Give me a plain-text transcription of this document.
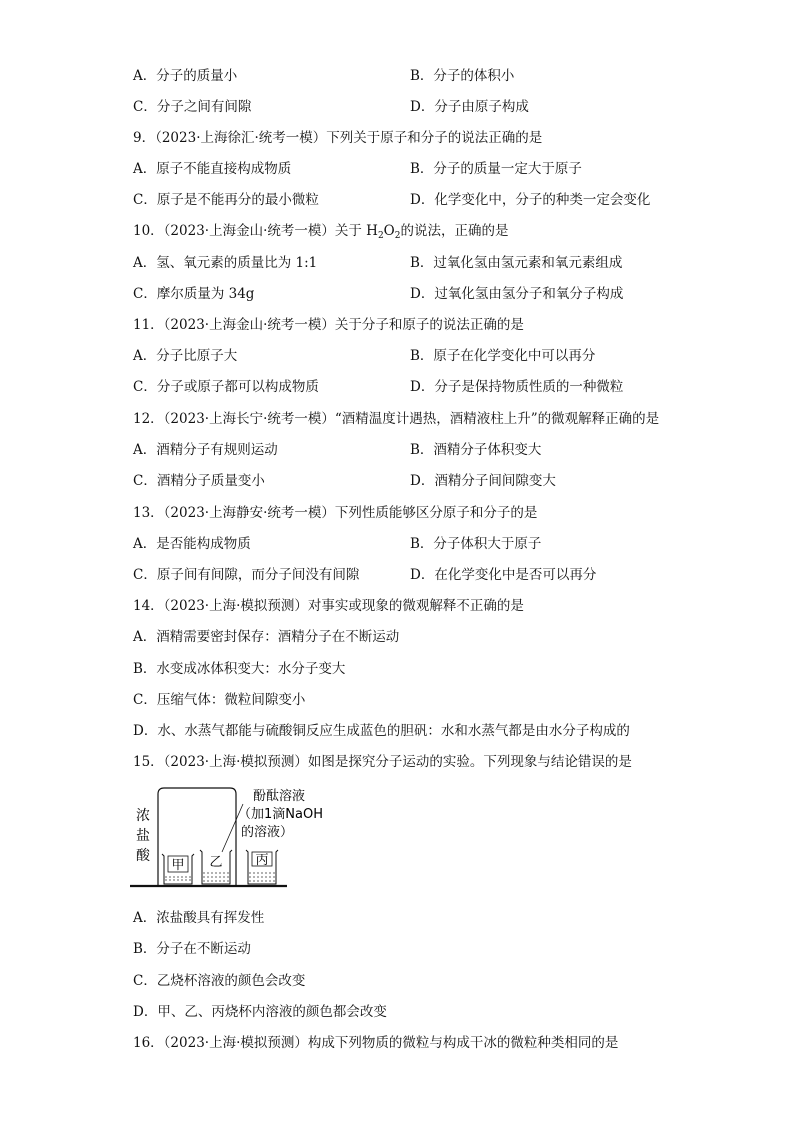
A．分子的质量小	B．分子的体积小
C．分子之间有间隙	D．分子由原子构成
9．（2023·上海徐汇·统考一模）下列关于原子和分子的说法正确的是
A．原子不能直接构成物质	B．分子的质量一定大于原子
C．原子是不能再分的最小微粒	D．化学变化中，分子的种类一定会变化
10．（2023·上海金山·统考一模）关于 $H_2O_2$的说法，正确的是
A．氢、氧元素的质量比为 1:1	B．过氧化氢由氢元素和氧元素组成
C．摩尔质量为 34g	D．过氧化氢由氢分子和氧分子构成
11．（2023·上海金山·统考一模）关于分子和原子的说法正确的是
A．分子比原子大	B．原子在化学变化中可以再分
C．分子或原子都可以构成物质	D．分子是保持物质性质的一种微粒
12．（2023·上海长宁·统考一模）“酒精温度计遇热，酒精液柱上升”的微观解释正确的是
A．酒精分子有规则运动	B．酒精分子体积变大
C．酒精分子质量变小	D．酒精分子间间隙变大
13．（2023·上海静安·统考一模）下列性质能够区分原子和分子的是
A．是否能构成物质	B．分子体积大于原子
C．原子间有间隙，而分子间没有间隙	D．在化学变化中是否可以再分
14．（2023·上海·模拟预测）对事实或现象的微观解释不正确的是
A．酒精需要密封保存：酒精分子在不断运动
B．水变成冰体积变大：水分子变大
C．压缩气体：微粒间隙变小
D．水、水蒸气都能与硫酸铜反应生成蓝色的胆矾：水和水蒸气都是由水分子构成的
15．（2023·上海·模拟预测）如图是探究分子运动的实验。下列现象与结论错误的是
甲 乙	丙
浓
盐
酸
酚酞溶液
（加1滴NaOH
的溶液）
A．浓盐酸具有挥发性
B．分子在不断运动
C．乙烧杯溶液的颜色会改变
D．甲、乙、丙烧杯内溶液的颜色都会改变
16．（2023·上海·模拟预测）构成下列物质的微粒与构成干冰的微粒种类相同的是
